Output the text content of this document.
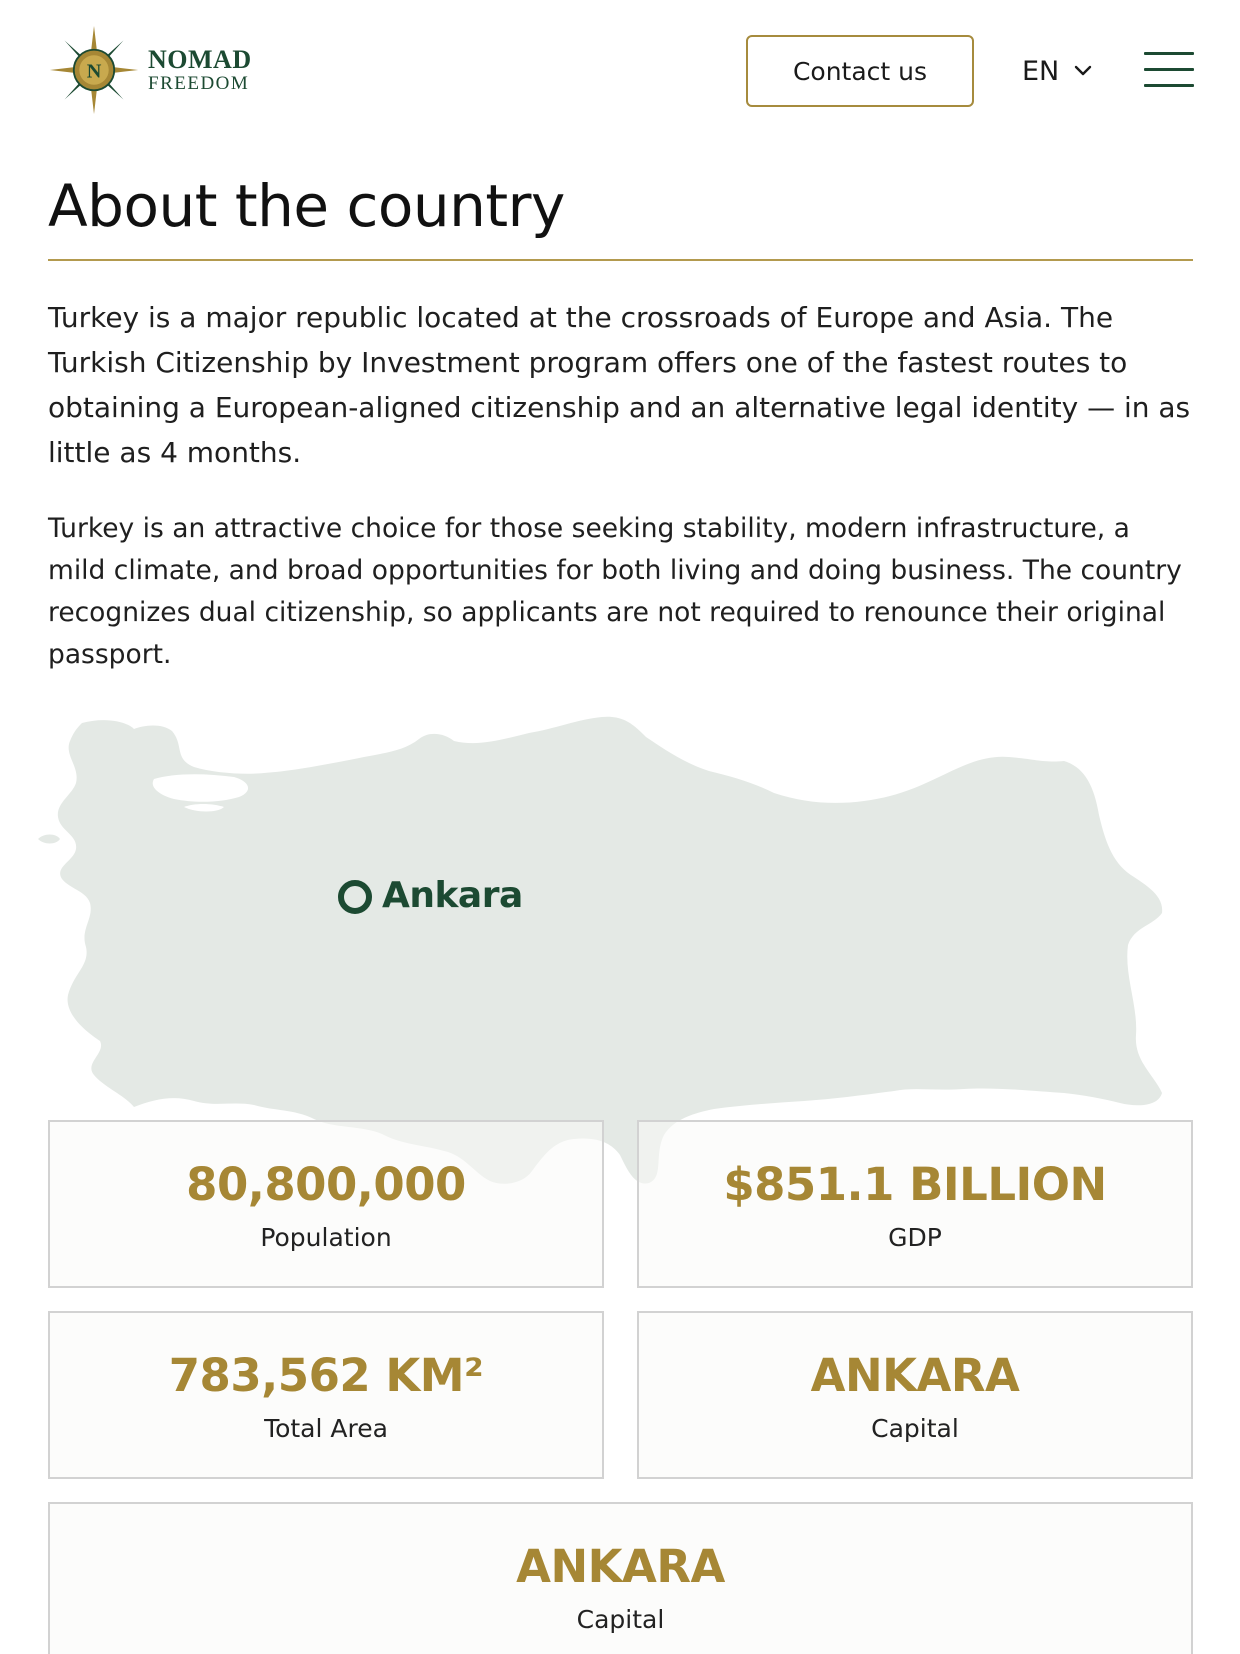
N NOMAD
FREEDOM	Contact us	EN
About the country

Turkey is a major republic located at the crossroads of Europe and Asia. The Turkish Citizenship by Investment program offers one of the fastest routes to obtaining a European-aligned citizenship and an alternative legal identity — in as little as 4 months.

Turkey is an attractive choice for those seeking stability, modern infrastructure, a mild climate, and broad opportunities for both living and doing business. The country recognizes dual citizenship, so applicants are not required to renounce their original passport.

Ankara
80,800,000
Population
$851.1 BILLION
GDP
783,562 KM²
Total Area
ANKARA
Capital
ANKARA
Capital
